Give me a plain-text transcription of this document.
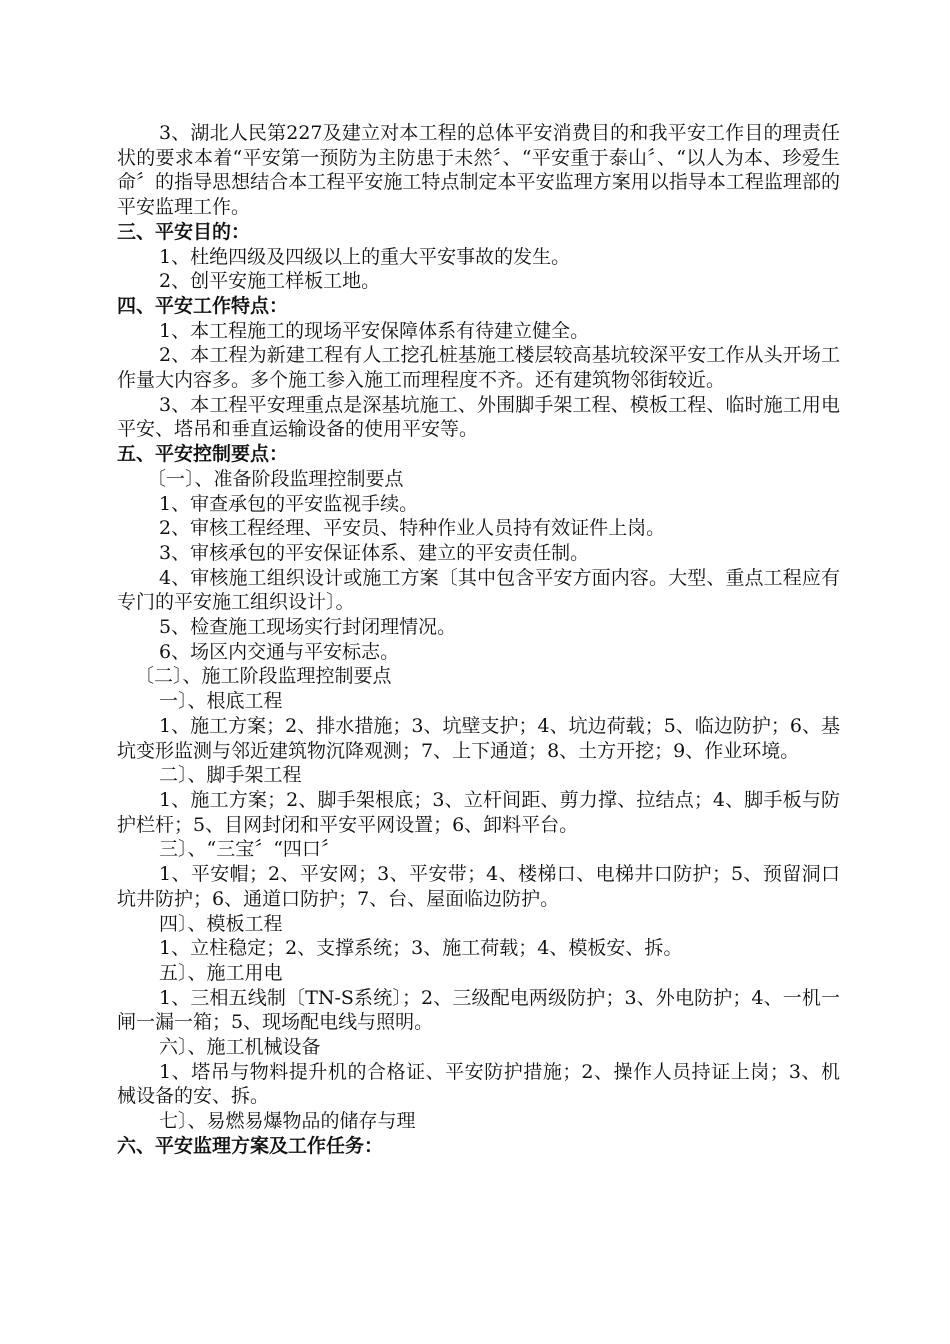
3、湖北人民第227及建立对本工程的总体平安消费目的和我平安工作目的理责任状的要求本着“平安第一预防为主防患于未然〞、“平安重于泰山〞、“以人为本、珍爱生命〞的指导思想结合本工程平安施工特点制定本平安监理方案用以指导本工程监理部的平安监理工作。

三、平安目的：

1、杜绝四级及四级以上的重大平安事故的发生。

2、创平安施工样板工地。

四、平安工作特点：

1、本工程施工的现场平安保障体系有待建立健全。

2、本工程为新建工程有人工挖孔桩基施工楼层较高基坑较深平安工作从头开场工作量大内容多。多个施工参入施工而理程度不齐。还有建筑物邻街较近。

3、本工程平安理重点是深基坑施工、外围脚手架工程、模板工程、临时施工用电平安、塔吊和垂直运输设备的使用平安等。

五、平安控制要点：

〔一〕、准备阶段监理控制要点

1、审查承包的平安监视手续。

2、审核工程经理、平安员、特种作业人员持有效证件上岗。

3、审核承包的平安保证体系、建立的平安责任制。

4、审核施工组织设计或施工方案〔其中包含平安方面内容。大型、重点工程应有专门的平安施工组织设计〕。

5、检查施工现场实行封闭理情况。

6、场区内交通与平安标志。

〔二〕、施工阶段监理控制要点

一〕、根底工程

1、施工方案；2、排水措施；3、坑壁支护；4、坑边荷载；5、临边防护；6、基坑变形监测与邻近建筑物沉降观测；7、上下通道；8、土方开挖；9、作业环境。

二〕、脚手架工程

1、施工方案；2、脚手架根底；3、立杆间距、剪力撑、拉结点；4、脚手板与防护栏杆；5、目网封闭和平安平网设置；6、卸料平台。

三〕、“三宝〞“四口〞

1、平安帽；2、平安网；3、平安带；4、楼梯口、电梯井口防护；5、预留洞口坑井防护；6、通道口防护；7、台、屋面临边防护。

四〕、模板工程

1、立柱稳定；2、支撑系统；3、施工荷载；4、模板安、拆。

五〕、施工用电

1、三相五线制〔TN-S系统〕；2、三级配电两级防护；3、外电防护；4、一机一闸一漏一箱；5、现场配电线与照明。

六〕、施工机械设备

1、塔吊与物料提升机的合格证、平安防护措施；2、操作人员持证上岗；3、机械设备的安、拆。

七〕、易燃易爆物品的储存与理

六、平安监理方案及工作任务：
